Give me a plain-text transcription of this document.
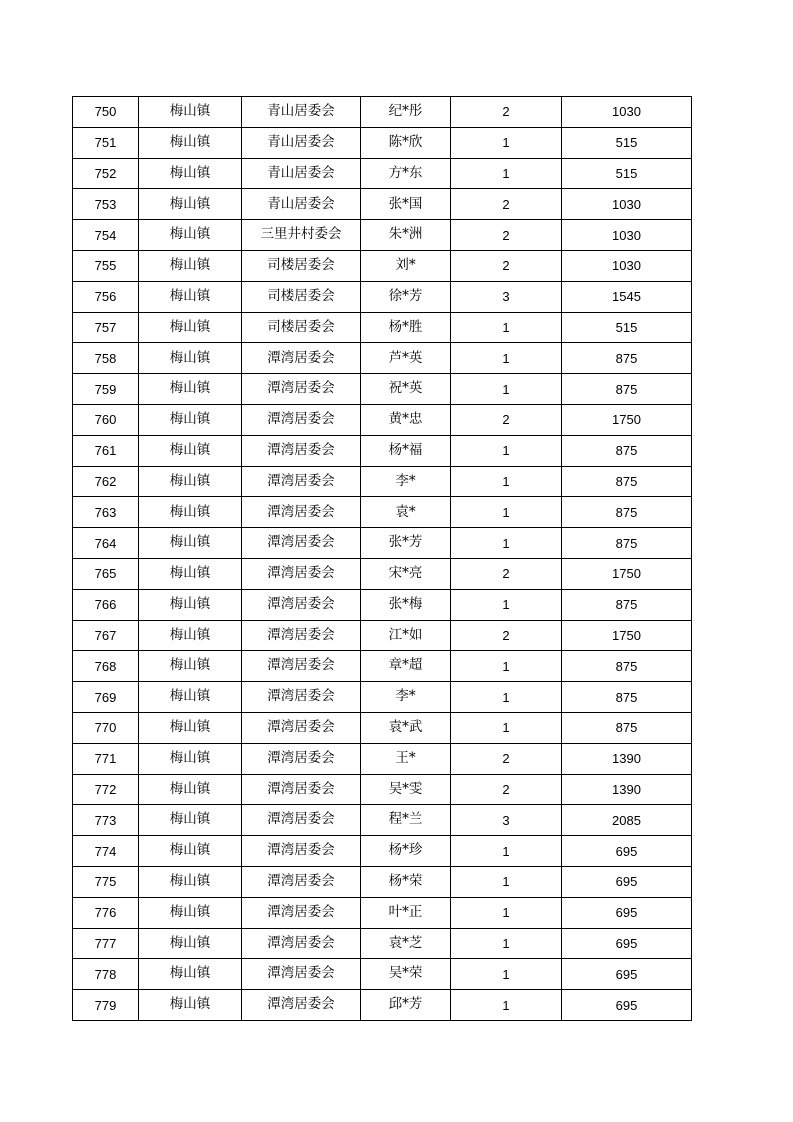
750	梅山镇	青山居委会	纪*彤	2	1030
751	梅山镇	青山居委会	陈*欣	1	515
752	梅山镇	青山居委会	方*东	1	515
753	梅山镇	青山居委会	张*国	2	1030
754	梅山镇	三里井村委会	朱*洲	2	1030
755	梅山镇	司楼居委会	刘*	2	1030
756	梅山镇	司楼居委会	徐*芳	3	1545
757	梅山镇	司楼居委会	杨*胜	1	515
758	梅山镇	潭湾居委会	芦*英	1	875
759	梅山镇	潭湾居委会	祝*英	1	875
760	梅山镇	潭湾居委会	黄*忠	2	1750
761	梅山镇	潭湾居委会	杨*福	1	875
762	梅山镇	潭湾居委会	李*	1	875
763	梅山镇	潭湾居委会	袁*	1	875
764	梅山镇	潭湾居委会	张*芳	1	875
765	梅山镇	潭湾居委会	宋*亮	2	1750
766	梅山镇	潭湾居委会	张*梅	1	875
767	梅山镇	潭湾居委会	江*如	2	1750
768	梅山镇	潭湾居委会	章*超	1	875
769	梅山镇	潭湾居委会	李*	1	875
770	梅山镇	潭湾居委会	袁*武	1	875
771	梅山镇	潭湾居委会	王*	2	1390
772	梅山镇	潭湾居委会	吴*雯	2	1390
773	梅山镇	潭湾居委会	程*兰	3	2085
774	梅山镇	潭湾居委会	杨*珍	1	695
775	梅山镇	潭湾居委会	杨*荣	1	695
776	梅山镇	潭湾居委会	叶*正	1	695
777	梅山镇	潭湾居委会	袁*芝	1	695
778	梅山镇	潭湾居委会	吴*荣	1	695
779	梅山镇	潭湾居委会	邱*芳	1	695
